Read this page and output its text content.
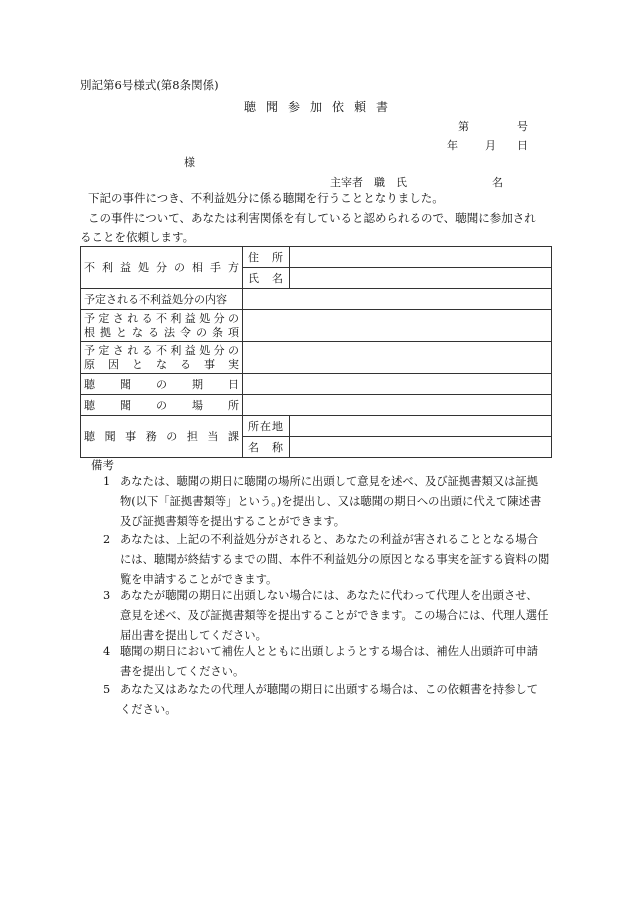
別記第6号様式(第8条関係)
聴聞参加依頼書
第	号
年 月 日
様
主宰者　職　氏	名
下記の事件につき、不利益処分に係る聴聞を行うこととなりました。
この事件について、あなたは利害関係を有していると認められるので、聴聞に参加され
ることを依頼します。
不利益処分の相手方	住　所	
	氏　名	
予定される不利益処分の内容		

予定される不利益処分の
根拠となる法令の条項		

予定される不利益処分の
原因となる事実		

聴聞の期日		
聴聞の場所		
聴聞事務の担当課	所在地	
	名　称	
備考
1 あなたは、聴聞の期日に聴聞の場所に出頭して意見を述べ、及び証拠書類又は証拠
物(以下「証拠書類等」という。)を提出し、又は聴聞の期日への出頭に代えて陳述書
及び証拠書類等を提出することができます。
2 あなたは、上記の不利益処分がされると、あなたの利益が害されることとなる場合
には、聴聞が終結するまでの間、本件不利益処分の原因となる事実を証する資料の閲
覧を申請することができます。
3 あなたが聴聞の期日に出頭しない場合には、あなたに代わって代理人を出頭させ、
意見を述べ、及び証拠書類等を提出することができます。この場合には、代理人選任
届出書を提出してください。
4 聴聞の期日において補佐人とともに出頭しようとする場合は、補佐人出頭許可申請
書を提出してください。
5 あなた又はあなたの代理人が聴聞の期日に出頭する場合は、この依頼書を持参して
ください。
